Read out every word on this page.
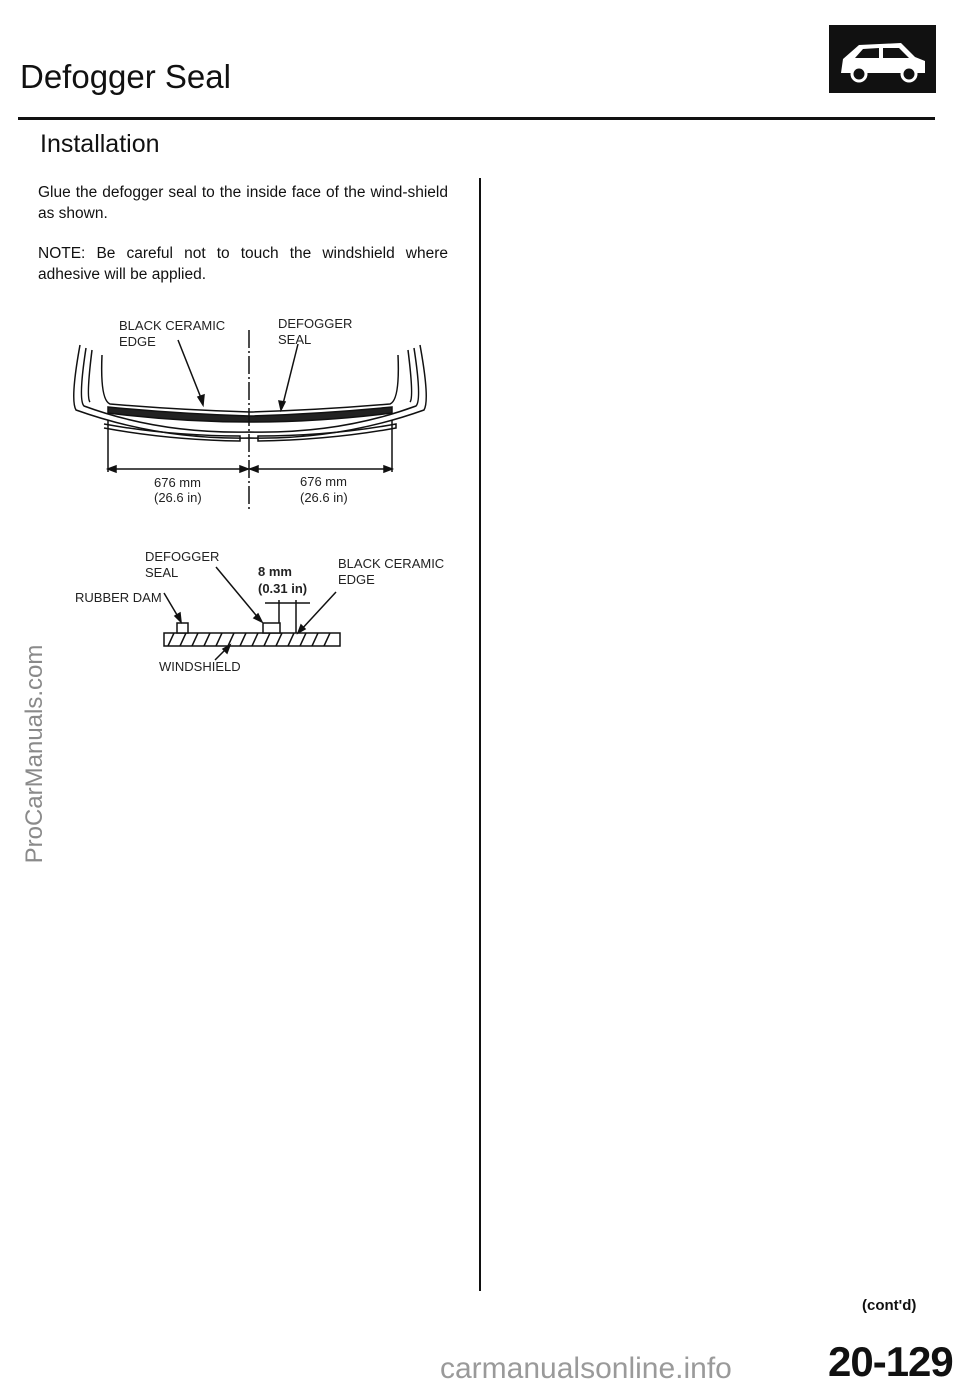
Defogger Seal
Installation
Glue the defogger seal to the inside face of the wind-shield as shown.
NOTE: Be careful not to touch the windshield where adhesive will be applied.
BLACK CERAMIC
EDGE
DEFOGGER
SEAL
676 mm
(26.6 in)
676 mm
(26.6 in)
DEFOGGER
SEAL
RUBBER DAM
8 mm
(0.31 in)
BLACK CERAMIC
EDGE
WINDSHIELD
(cont'd)
20-129
ProCarManuals.com
carmanualsonline.info
